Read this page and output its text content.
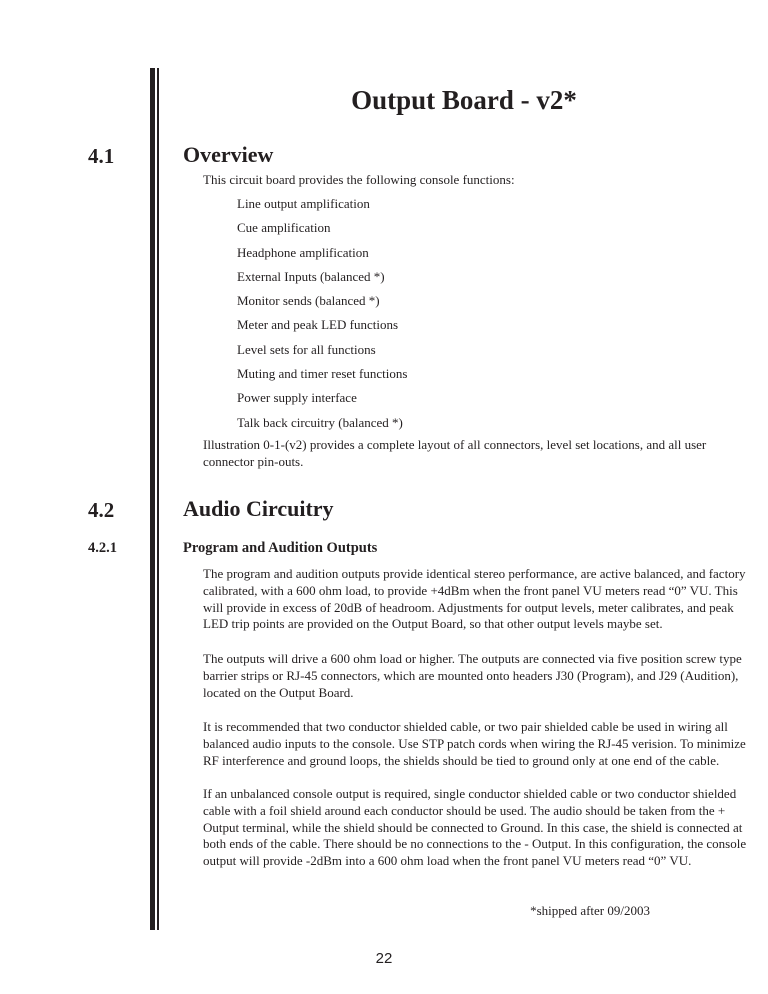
Output Board - v2*
4.1	Overview

This circuit board provides the following console functions:

Line output amplification
Cue amplification
Headphone amplification
External Inputs (balanced *)
Monitor sends (balanced *)
Meter and peak LED functions
Level sets for all functions
Muting and timer reset functions
Power supply interface
Talk back circuitry (balanced *)

Illustration 0-1-(v2) provides a complete layout of all connectors, level set locations, and all user connector pin-outs.

4.2	Audio Circuitry
4.2.1	Program and Audition Outputs

The program and audition outputs provide identical stereo performance, are active balanced, and factory calibrated, with a 600 ohm load, to provide +4dBm when the front panel VU meters read “0” VU. This will provide in excess of 20dB of headroom. Adjustments for output levels, meter calibrates, and peak LED trip points are provided on the Output Board, so that other output levels maybe set.

The outputs will drive a 600 ohm load or higher. The outputs are connected via five position screw type barrier strips or RJ-45 connectors, which are mounted onto headers J30 (Program), and J29 (Audition), located on the Output Board.

It is recommended that two conductor shielded cable, or two pair shielded cable be used in wiring all balanced audio inputs to the console. Use STP patch cords when wiring the RJ-45 verision. To minimize RF interference and ground loops, the shields should be tied to ground only at one end of the cable.

If an unbalanced console output is required, single conductor shielded cable or two conductor shielded cable with a foil shield around each conductor should be used. The audio should be taken from the + Output terminal, while the shield should be connected to Ground. In this case, the shield is connected at both ends of the cable. There should be no connections to the - Output. In this configuration, the console output will provide -2dBm into a 600 ohm load when the front panel VU meters read “0” VU.

*shipped after 09/2003

22
